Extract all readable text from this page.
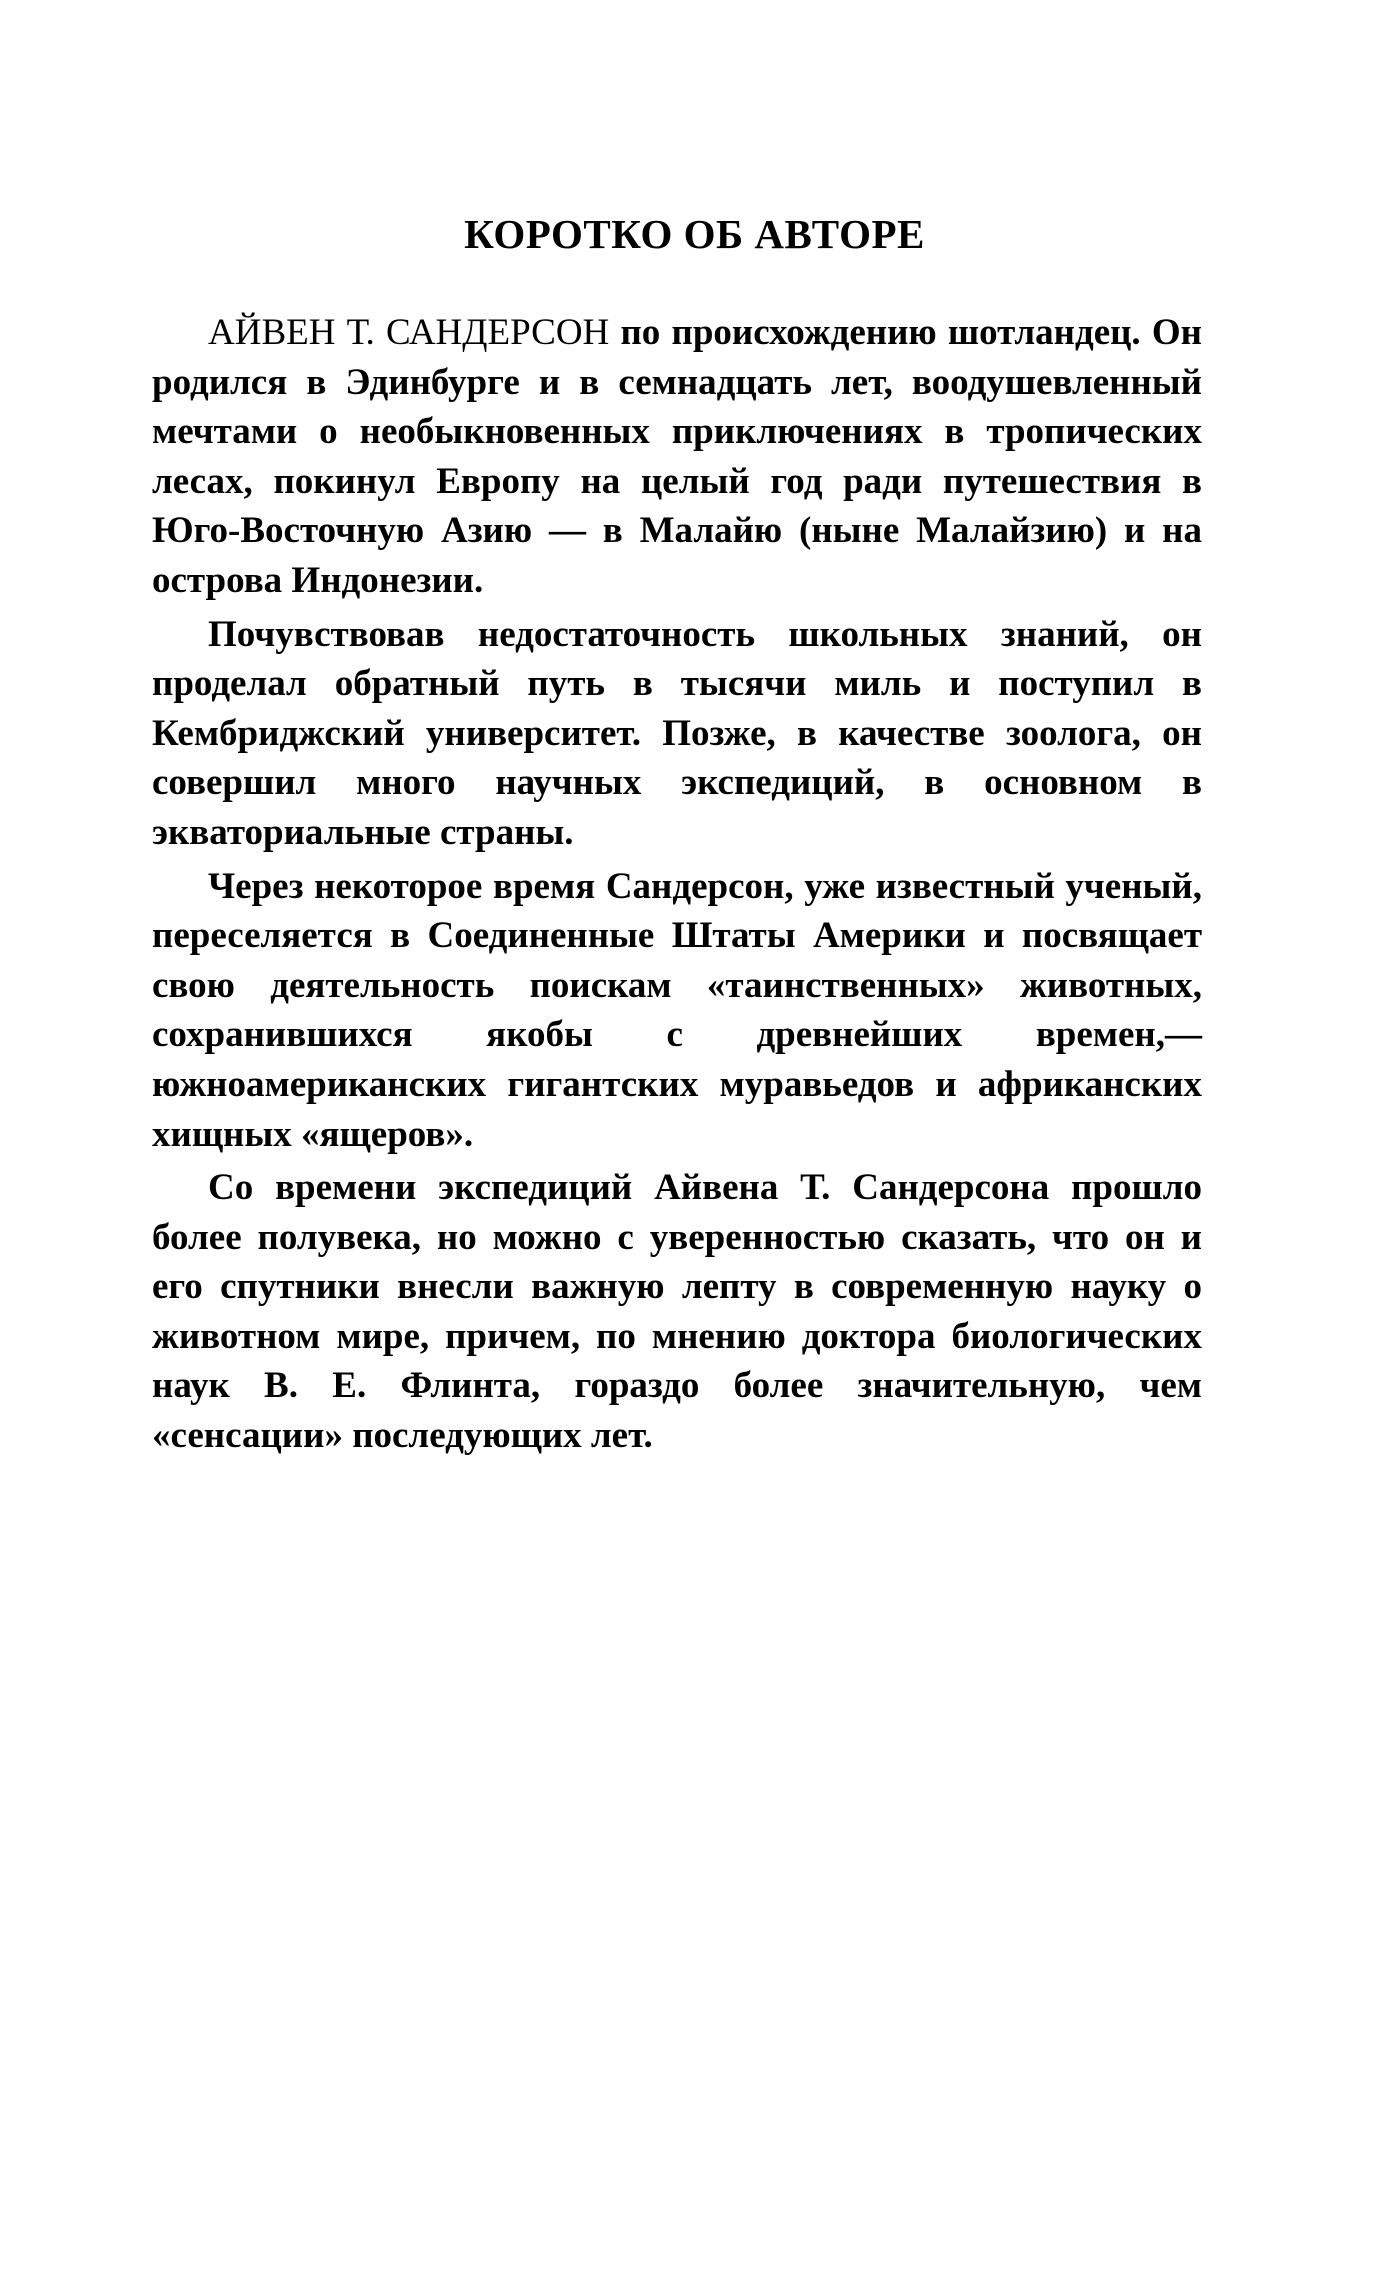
КОРОТКО ОБ АВТОРЕ

АЙВЕН Т. САНДЕРСОН по происхождению шотландец. Он родился в Эдинбурге и в семнадцать лет, воодушевленный мечтами о необыкновенных приключениях в тропических лесах, покинул Европу на целый год ради путешествия в Юго-Восточную Азию — в Малайю (ныне Малайзию) и на острова Индонезии.

Почувствовав недостаточность школьных знаний, он проделал обратный путь в тысячи миль и поступил в Кембриджский университет. Позже, в качестве зоолога, он совершил много научных экспедиций, в основном в экваториальные страны.

Через некоторое время Сандерсон, уже известный ученый, переселяется в Соединенные Штаты Америки и посвящает свою деятельность поискам «таинственных» животных, сохранившихся якобы с древнейших времен,— южноамериканских гигантских муравьедов и африканских хищных «ящеров».

Со времени экспедиций Айвена Т. Сандерсона прошло более полувека, но можно с уверенностью сказать, что он и его спутники внесли важную лепту в современную науку о животном мире, причем, по мнению доктора биологических наук В. Е. Флинта, гораздо более значительную, чем «сенсации» последующих лет.
